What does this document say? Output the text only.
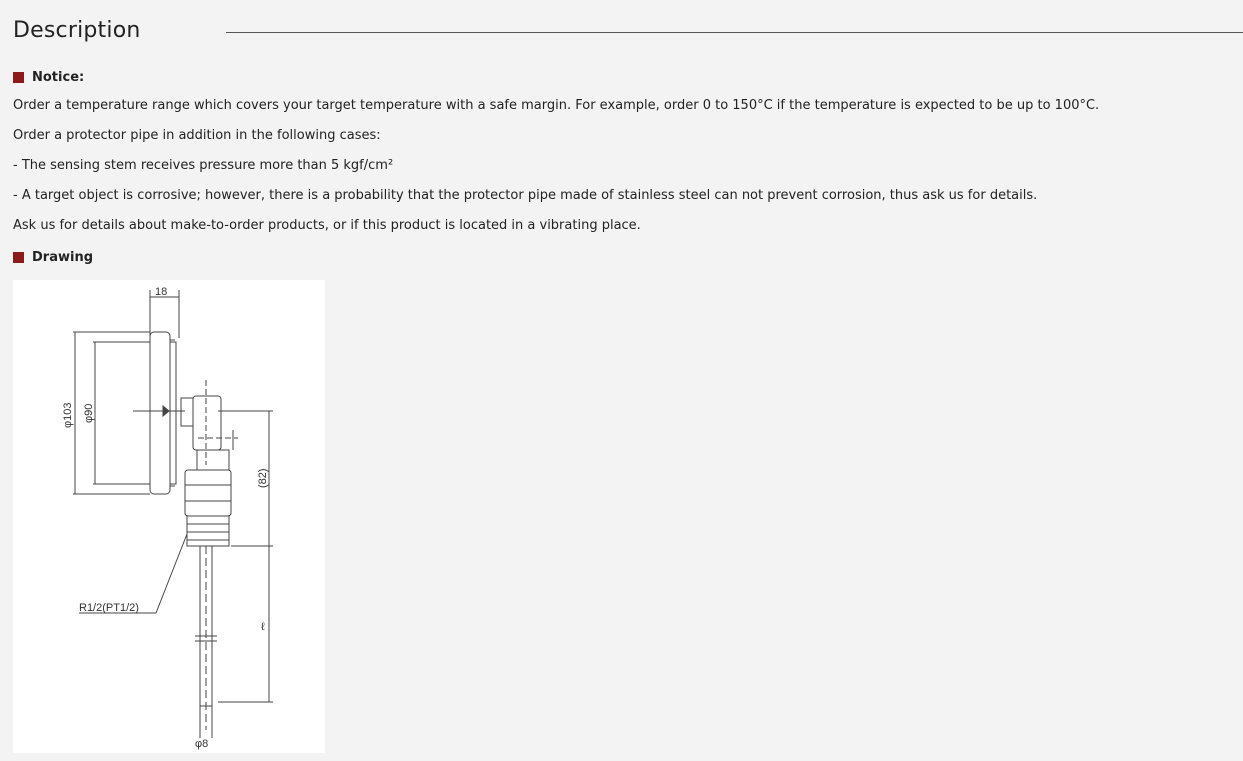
Description
Notice:
Order a temperature range which covers your target temperature with a safe margin. For example, order 0 to 150°C if the temperature is expected to be up to 100°C.
Order a protector pipe in addition in the following cases:
- The sensing stem receives pressure more than 5 kgf/cm²
- A target object is corrosive; however, there is a probability that the protector pipe made of stainless steel can not prevent corrosion, thus ask us for details.
Ask us for details about make-to-order products, or if this product is located in a vibrating place.
Drawing
18
φ103 φ90
(82)
R1/2(PT1/2)
ℓ
φ8
